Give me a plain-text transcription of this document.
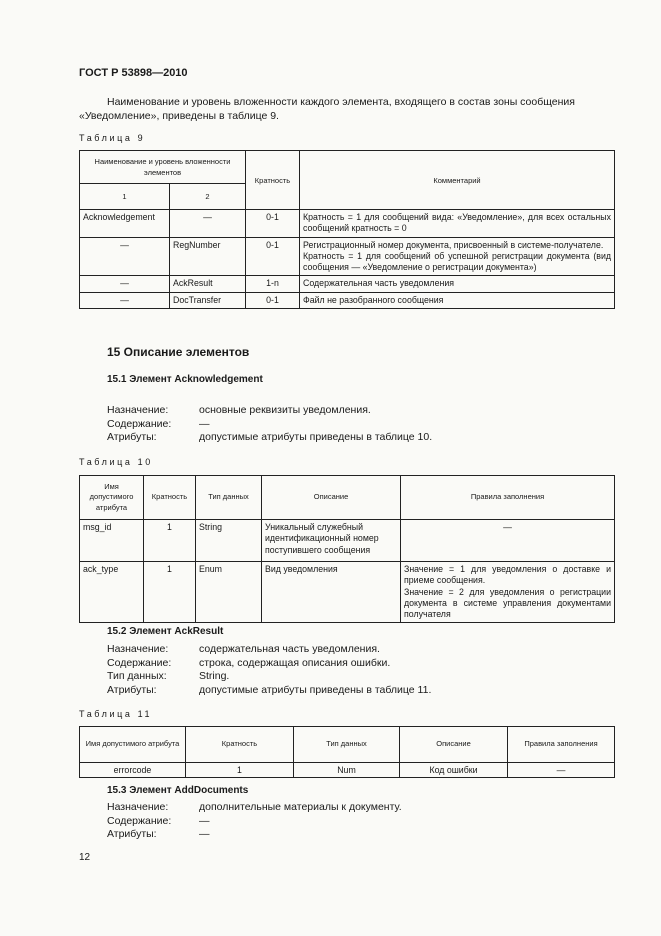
ГОСТ Р 53898—2010
Наименование и уровень вложенности каждого элемента, входящего в состав зоны сообщения «Уведомление», приведены в таблице 9.
Таблица 9
Наименование и уровень вложенности элементов		Кратность	Комментарий
1	2		
Acknowledgement	—	0-1	Кратность = 1 для сообщений вида: «Уведомление», для всех остальных сообщений кратность = 0
—	RegNumber	0-1	Регистрационный номер документа, присвоенный в системе-получателе.
Кратность = 1 для сообщений об успешной регистрации документа (вид сообщения — «Уведомление о регистрации документа»)

—	AckResult	1-n	Содержательная часть уведомления
—	DocTransfer	0-1	Файл не разобранного сообщения
15 Описание элементов
15.1 Элемент Acknowledgement
Назначение:	основные реквизиты уведомления.
Содержание:	—
Атрибуты:	допустимые атрибуты приведены в таблице 10.
Таблица 10
Имя допустимого атрибута	Кратность	Тип данных	Описание	Правила заполнения
msg_id	1	String	Уникальный служебный идентификационный номер поступившего сообщения	—
ack_type	1	Enum	Вид уведомления	Значение = 1 для уведомления о доставке и приеме сообщения.
Значение = 2 для уведомления о регистрации документа в системе управления документами получателя
15.2 Элемент AckResult
Назначение:	содержательная часть уведомления.
Содержание:	строка, содержащая описания ошибки.
Тип данных:	String.
Атрибуты:	допустимые атрибуты приведены в таблице 11.
Таблица 11
Имя допустимого атрибута	Кратность	Тип данных	Описание	Правила заполнения
errorcode	1	Num	Код ошибки	—
15.3 Элемент AddDocuments
Назначение:	дополнительные материалы к документу.
Содержание:	—
Атрибуты:	—
12
